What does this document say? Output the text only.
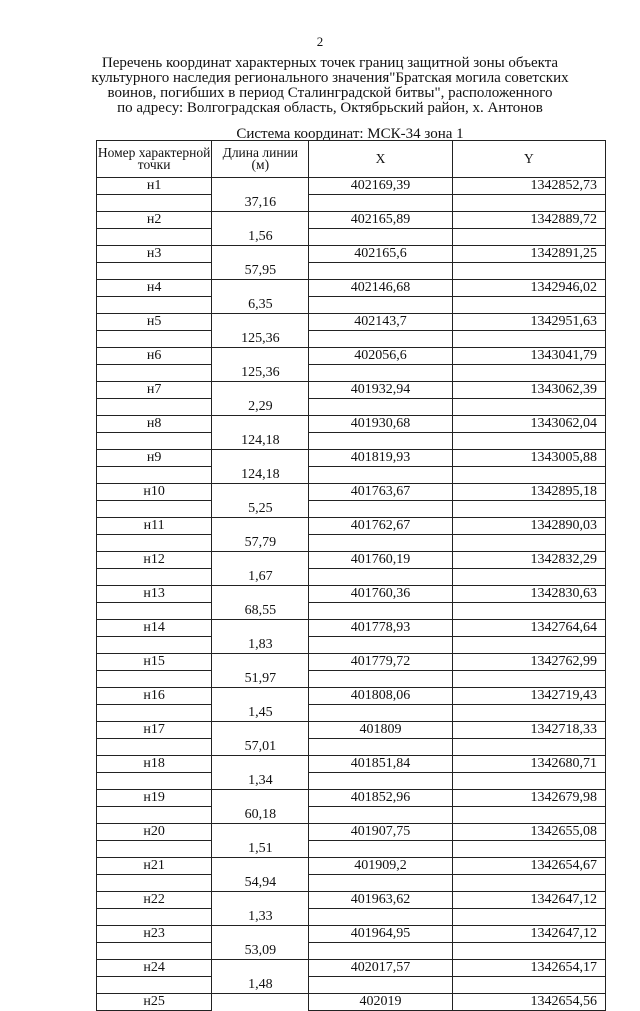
2
Перечень координат характерных точек границ защитной зоны объекта
культурного наследия регионального значения"Братская могила советских
воинов, погибших в период Сталинградской битвы", расположенного
по адресу: Волгоградская область, Октябрьский район, х. Антонов
Система координат: МСК-34 зона 1
Номер характерной точки	Длина линии (м)	X	Y
н1		402169,39	1342852,73
	37,16		
н2		402165,89	1342889,72
	1,56		
н3		402165,6	1342891,25
	57,95		
н4		402146,68	1342946,02
	6,35		
н5		402143,7	1342951,63
	125,36		
н6		402056,6	1343041,79
	125,36		
н7		401932,94	1343062,39
	2,29		
н8		401930,68	1343062,04
	124,18		
н9		401819,93	1343005,88
	124,18		
н10		401763,67	1342895,18
	5,25		
н11		401762,67	1342890,03
	57,79		
н12		401760,19	1342832,29
	1,67		
н13		401760,36	1342830,63
	68,55		
н14		401778,93	1342764,64
	1,83		
н15		401779,72	1342762,99
	51,97		
н16		401808,06	1342719,43
	1,45		
н17		401809	1342718,33
	57,01		
н18		401851,84	1342680,71
	1,34		
н19		401852,96	1342679,98
	60,18		
н20		401907,75	1342655,08
	1,51		
н21		401909,2	1342654,67
	54,94		
н22		401963,62	1342647,12
	1,33		
н23		401964,95	1342647,12
	53,09		
н24		402017,57	1342654,17
	1,48		
н25		402019	1342654,56
